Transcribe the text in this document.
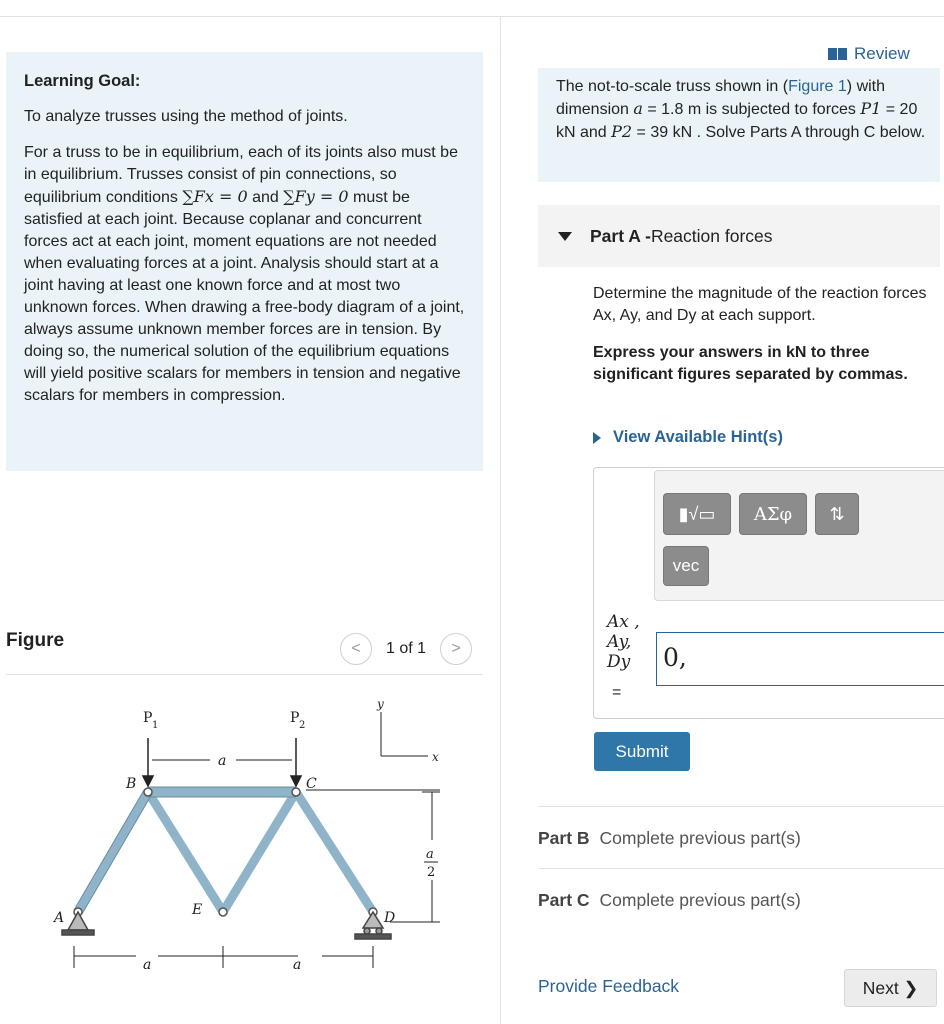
Learning Goal:

To analyze trusses using the method of joints.

For a truss to be in equilibrium, each of its joints also must be in equilibrium. Trusses consist of pin connections, so equilibrium conditions ∑Fx = 0 and ∑Fy = 0 must be satisfied at each joint. Because coplanar and concurrent forces act at each joint, moment equations are not needed when evaluating forces at a joint. Analysis should start at a joint having at least one known force and at most two unknown forces. When drawing a free-body diagram of a joint, always assume unknown member forces are in tension. By doing so, the numerical solution of the equilibrium equations will yield positive scalars for members in tension and negative scalars for members in compression.

Figure	< 1 of 1 >
P 1	P 2
a
a	a
a
2
A
B	C
D
E
x
y
Review
The not-to-scale truss shown in (Figure 1) with dimension a = 1.8 m is subjected to forces P1 = 20 kN and P2 = 39 kN . Solve Parts A through C below.
Part A - Reaction forces
Determine the magnitude of the reaction forces Ax, Ay, and Dy at each support.
Express your answers in kN to three significant figures separated by commas.
View Available Hint(s)
▮√▭	ΑΣφ	⇅
vec
Ax ,
Ay,
Dy
=
0,
Submit
Part B Complete previous part(s)
Part C Complete previous part(s)
Provide Feedback	Next ❯
